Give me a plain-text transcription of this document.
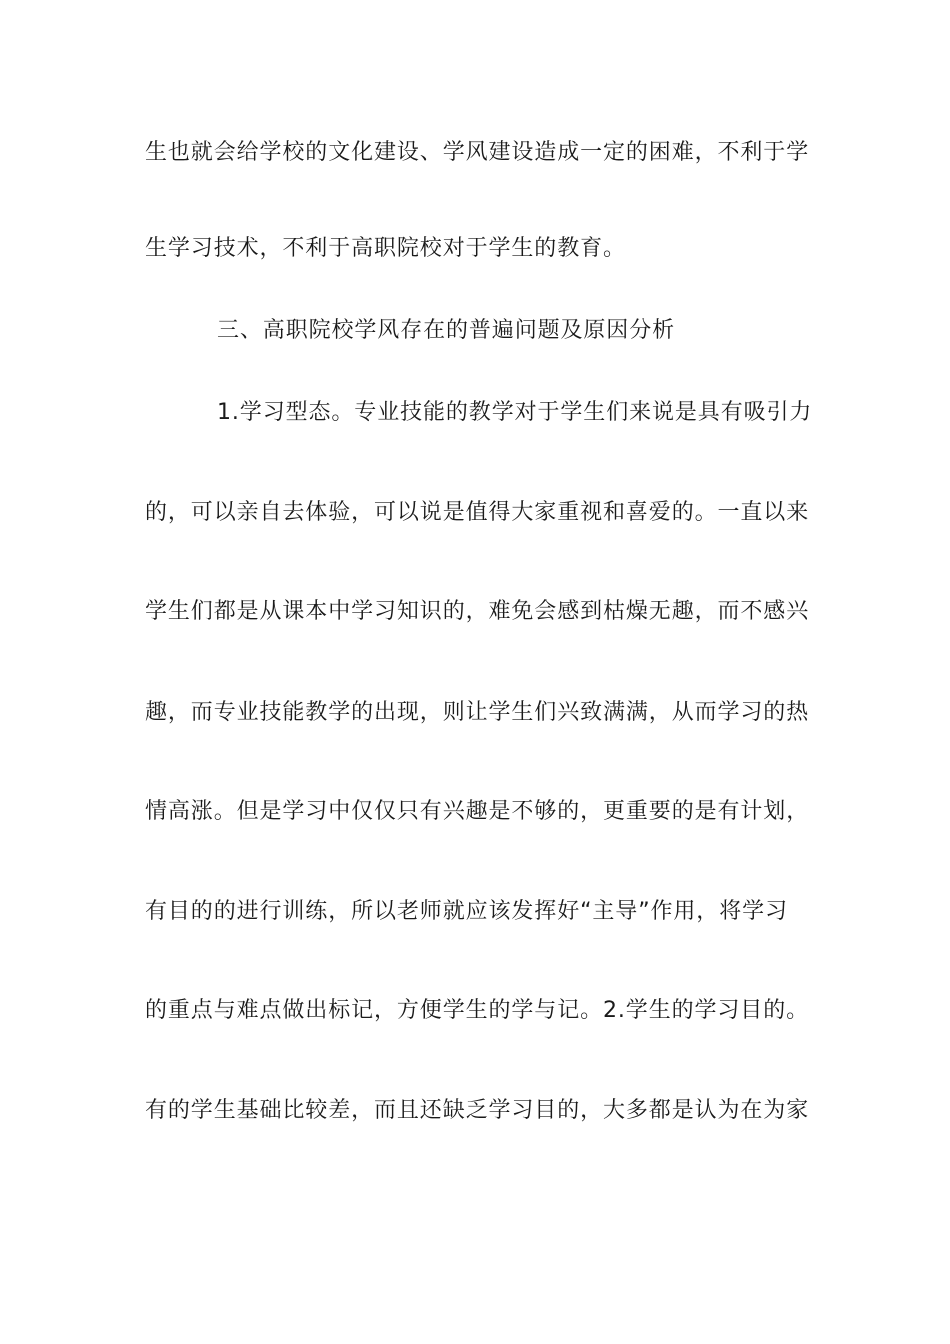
生也就会给学校的文化建设、学风建设造成一定的困难，不利于学
生学习技术，不利于高职院校对于学生的教育。
三、高职院校学风存在的普遍问题及原因分析
1.学习型态。专业技能的教学对于学生们来说是具有吸引力
的，可以亲自去体验，可以说是值得大家重视和喜爱的。一直以来
学生们都是从课本中学习知识的，难免会感到枯燥无趣，而不感兴
趣，而专业技能教学的出现，则让学生们兴致满满，从而学习的热
情高涨。但是学习中仅仅只有兴趣是不够的，更重要的是有计划，
有目的的进行训练，所以老师就应该发挥好“主导”作用，将学习
的重点与难点做出标记，方便学生的学与记。2.学生的学习目的。
有的学生基础比较差，而且还缺乏学习目的，大多都是认为在为家
